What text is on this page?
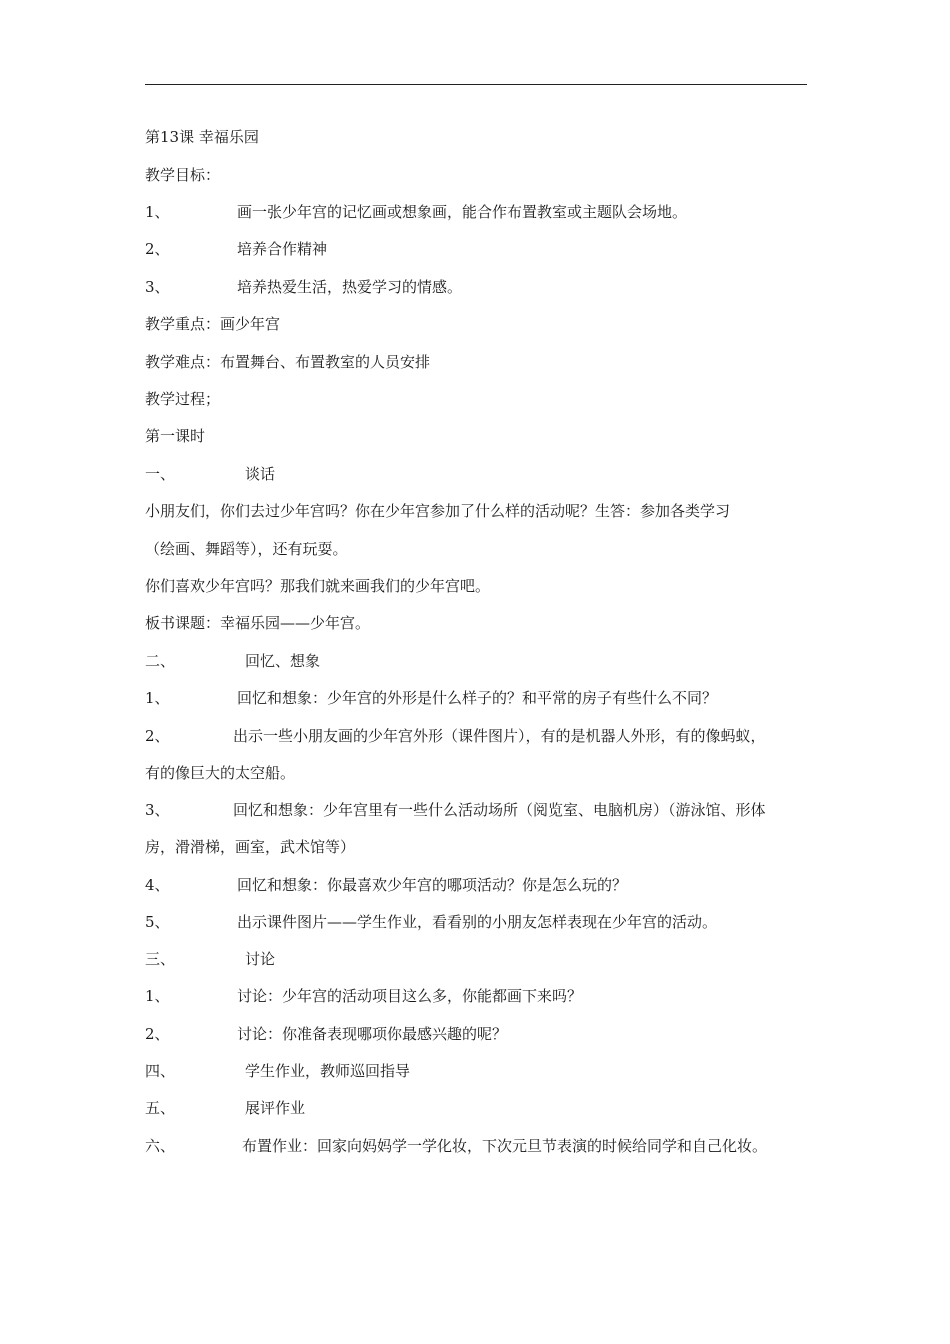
第13课 幸福乐园
教学目标：
1、	画一张少年宫的记忆画或想象画，能合作布置教室或主题队会场地。
2、	培养合作精神
3、	培养热爱生活，热爱学习的情感。
教学重点：画少年宫
教学难点：布置舞台、布置教室的人员安排
教学过程；
第一课时
一、	谈话
小朋友们，你们去过少年宫吗？你在少年宫参加了什么样的活动呢？生答：参加各类学习
（绘画、舞蹈等），还有玩耍。
你们喜欢少年宫吗？那我们就来画我们的少年宫吧。
板书课题：幸福乐园——少年宫。
二、	回忆、想象
1、	回忆和想象：少年宫的外形是什么样子的？和平常的房子有些什么不同？
2、	出示一些小朋友画的少年宫外形（课件图片），有的是机器人外形，有的像蚂蚁，
有的像巨大的太空船。
3、	回忆和想象：少年宫里有一些什么活动场所（阅览室、电脑机房）（游泳馆、形体
房，滑滑梯，画室，武术馆等）
4、	回忆和想象：你最喜欢少年宫的哪项活动？你是怎么玩的？
5、	出示课件图片——学生作业，看看别的小朋友怎样表现在少年宫的活动。
三、	讨论
1、	讨论：少年宫的活动项目这么多，你能都画下来吗？
2、	讨论：你准备表现哪项你最感兴趣的呢？
四、	学生作业，教师巡回指导
五、	展评作业
六、	布置作业：回家向妈妈学一学化妆，下次元旦节表演的时候给同学和自己化妆。
